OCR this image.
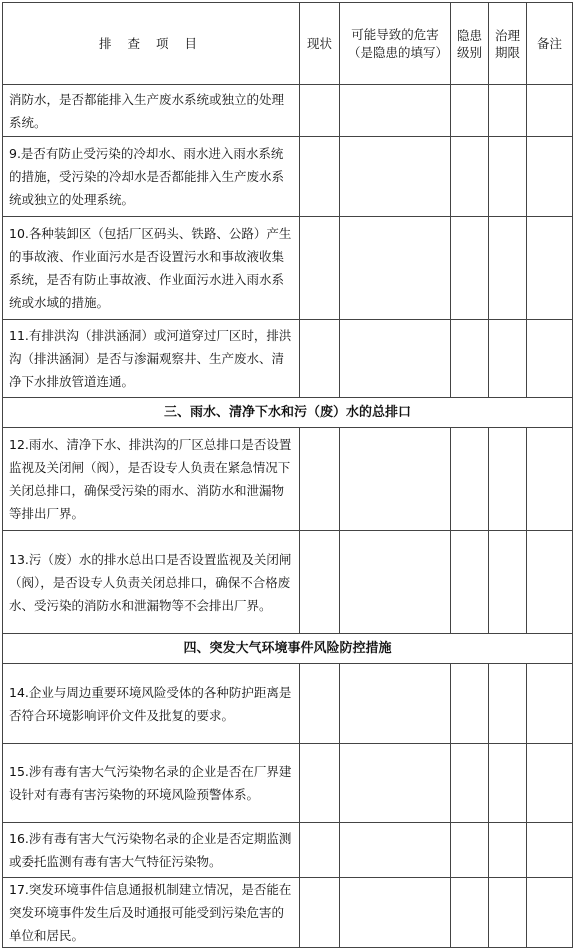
排 查 项 目	现状	可能导致的危害（是隐患的填写）	隐患级别	治理期限	备注
消防水，是否都能排入生产废水系统或独立的处理系统。					
9.是否有防止受污染的冷却水、雨水进入雨水系统的措施，受污染的冷却水是否都能排入生产废水系统或独立的处理系统。					
10.各种装卸区（包括厂区码头、铁路、公路）产生的事故液、作业面污水是否设置污水和事故液收集系统，是否有防止事故液、作业面污水进入雨水系统或水域的措施。					
11.有排洪沟（排洪涵洞）或河道穿过厂区时，排洪沟（排洪涵洞）是否与渗漏观察井、生产废水、清净下水排放管道连通。					
三、雨水、清净下水和污（废）水的总排口					
12.雨水、清净下水、排洪沟的厂区总排口是否设置监视及关闭闸（阀），是否设专人负责在紧急情况下关闭总排口，确保受污染的雨水、消防水和泄漏物等排出厂界。					
13.污（废）水的排水总出口是否设置监视及关闭闸（阀），是否设专人负责关闭总排口，确保不合格废水、受污染的消防水和泄漏物等不会排出厂界。					
四、突发大气环境事件风险防控措施					
14.企业与周边重要环境风险受体的各种防护距离是否符合环境影响评价文件及批复的要求。					
15.涉有毒有害大气污染物名录的企业是否在厂界建设针对有毒有害污染物的环境风险预警体系。					
16.涉有毒有害大气污染物名录的企业是否定期监测或委托监测有毒有害大气特征污染物。					
17.突发环境事件信息通报机制建立情况，是否能在突发环境事件发生后及时通报可能受到污染危害的单位和居民。					
